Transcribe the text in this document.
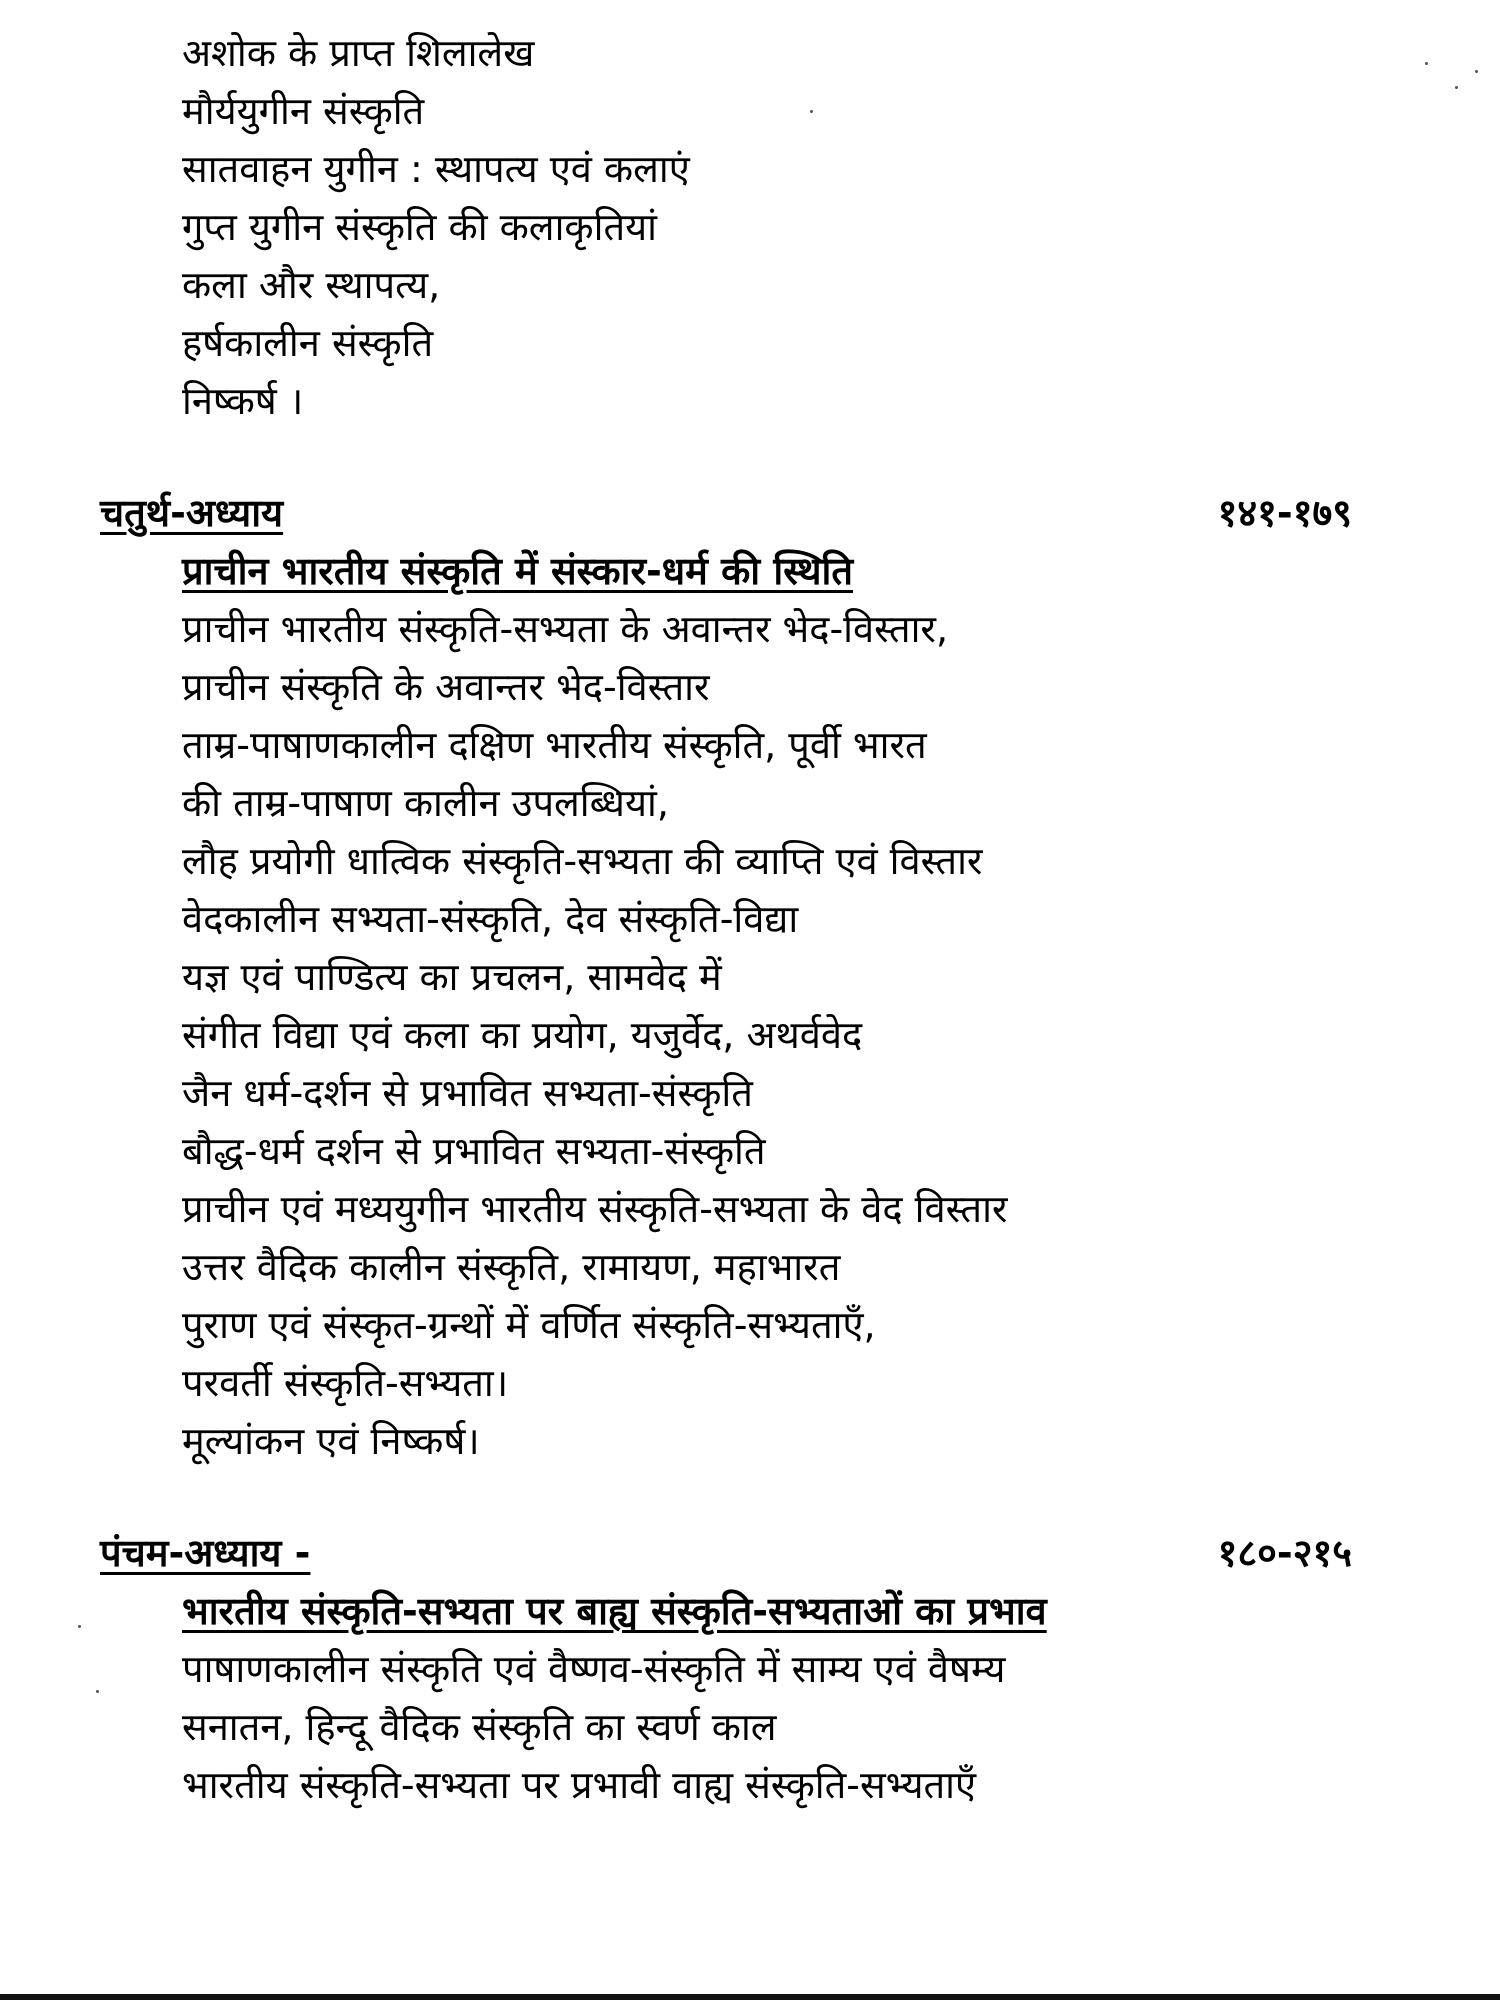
अशोक के प्राप्त शिलालेख
मौर्ययुगीन संस्कृति
सातवाहन युगीन : स्थापत्य एवं कलाएं
गुप्त युगीन संस्कृति की कलाकृतियां
कला और स्थापत्य,
हर्षकालीन संस्कृति
निष्कर्ष ।
चतुर्थ-अध्याय	१४१-१७९
प्राचीन भारतीय संस्कृति में संस्कार-धर्म की स्थिति
प्राचीन भारतीय संस्कृति-सभ्यता के अवान्तर भेद-विस्तार,
प्राचीन संस्कृति के अवान्तर भेद-विस्तार
ताम्र-पाषाणकालीन दक्षिण भारतीय संस्कृति, पूर्वी भारत
की ताम्र-पाषाण कालीन उपलब्धियां,
लौह प्रयोगी धात्विक संस्कृति-सभ्यता की व्याप्ति एवं विस्तार
वेदकालीन सभ्यता-संस्कृति, देव संस्कृति-विद्या
यज्ञ एवं पाण्डित्य का प्रचलन, सामवेद में
संगीत विद्या एवं कला का प्रयोग, यजुर्वेद, अथर्ववेद
जैन धर्म-दर्शन से प्रभावित सभ्यता-संस्कृति
बौद्ध-धर्म दर्शन से प्रभावित सभ्यता-संस्कृति
प्राचीन एवं मध्ययुगीन भारतीय संस्कृति-सभ्यता के वेद विस्तार
उत्तर वैदिक कालीन संस्कृति, रामायण, महाभारत
पुराण एवं संस्कृत-ग्रन्थों में वर्णित संस्कृति-सभ्यताएँ,
परवर्ती संस्कृति-सभ्यता।
मूल्यांकन एवं निष्कर्ष।
पंचम-अध्याय -	१८०-२१५
भारतीय संस्कृति-सभ्यता पर बाह्य संस्कृति-सभ्यताओं का प्रभाव
पाषाणकालीन संस्कृति एवं वैष्णव-संस्कृति में साम्य एवं वैषम्य
सनातन, हिन्दू वैदिक संस्कृति का स्वर्ण काल
भारतीय संस्कृति-सभ्यता पर प्रभावी वाह्य संस्कृति-सभ्यताएँ
